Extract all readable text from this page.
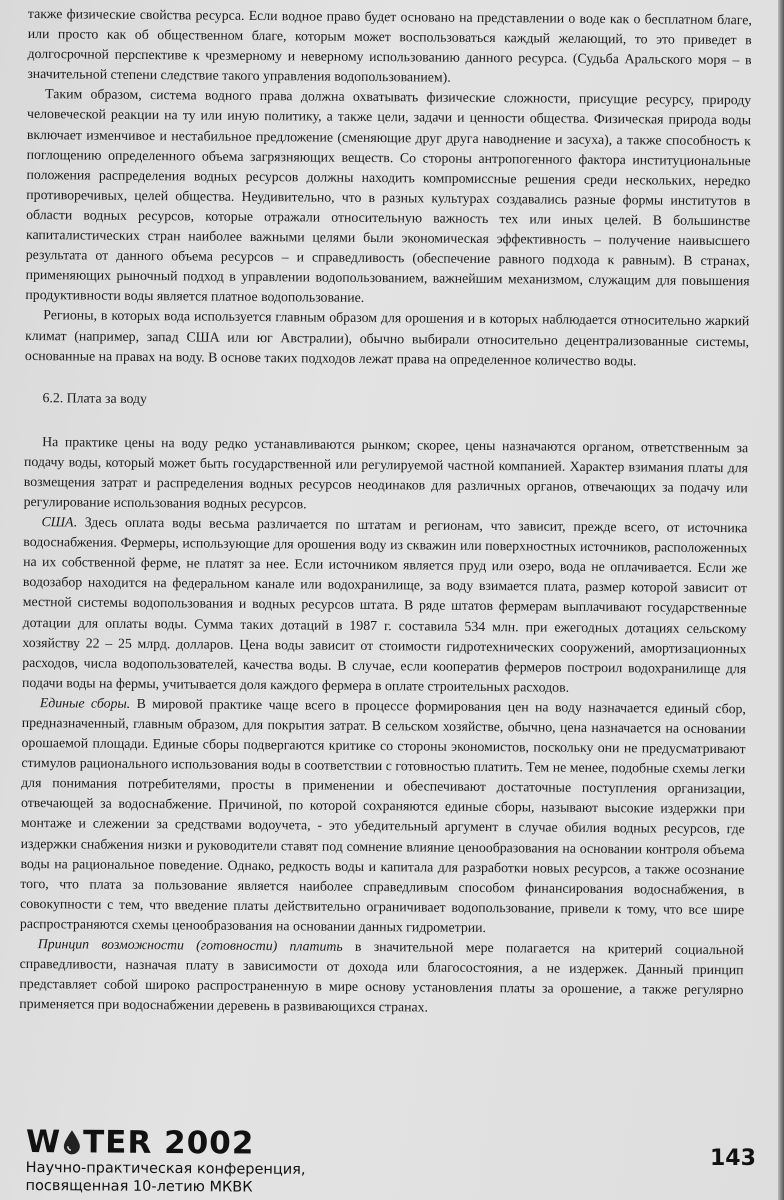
также физические свойства ресурса. Если водное право будет основано на представлении о воде как о бесплатном благе, или просто как об общественном благе, которым может воспользоваться каждый желающий, то это приведет в долгосрочной перспективе к чрезмерному и неверному использованию данного ресурса. (Судьба Аральского моря – в значительной степени следствие такого управления водопользованием).

Таким образом, система водного права должна охватывать физические сложности, присущие ресурсу, природу человеческой реакции на ту или иную политику, а также цели, задачи и ценности общества. Физическая природа воды включает изменчивое и нестабильное предложение (сменяющие друг друга наводнение и засуха), а также способность к поглощению определенного объема загрязняющих веществ. Со стороны антропогенного фактора институциональные положения распределения водных ресурсов должны находить компромиссные решения среди нескольких, нередко противоречивых, целей общества. Неудивительно, что в разных культурах создавались разные формы институтов в области водных ресурсов, которые отражали относительную важность тех или иных целей. В большинстве капиталистических стран наиболее важными целями были экономическая эффективность – получение наивысшего результата от данного объема ресурсов – и справедливость (обеспечение равного подхода к равным). В странах, применяющих рыночный подход в управлении водопользованием, важнейшим механизмом, служащим для повышения продуктивности воды является платное водопользование.

Регионы, в которых вода используется главным образом для орошения и в которых наблюдается относительно жаркий климат (например, запад США или юг Австралии), обычно выбирали относительно децентрализованные системы, основанные на правах на воду. В основе таких подходов лежат права на определенное количество воды.

6.2. Плата за воду

На практике цены на воду редко устанавливаются рынком; скорее, цены назначаются органом, ответственным за подачу воды, который может быть государственной или регулируемой частной компанией. Характер взимания платы для возмещения затрат и распределения водных ресурсов неодинаков для различных органов, отвечающих за подачу или регулирование использования водных ресурсов.

США. Здесь оплата воды весьма различается по штатам и регионам, что зависит, прежде всего, от источника водоснабжения. Фермеры, использующие для орошения воду из скважин или поверхностных источников, расположенных на их собственной ферме, не платят за нее. Если источником является пруд или озеро, вода не оплачивается. Если же водозабор находится на федеральном канале или водохранилище, за воду взимается плата, размер которой зависит от местной системы водопользования и водных ресурсов штата. В ряде штатов фермерам выплачивают государственные дотации для оплаты воды. Сумма таких дотаций в 1987 г. составила 534 млн. при ежегодных дотациях сельскому хозяйству 22 – 25 млрд. долларов. Цена воды зависит от стоимости гидротехнических сооружений, амортизационных расходов, числа водопользователей, качества воды. В случае, если кооператив фермеров построил водохранилище для подачи воды на фермы, учитывается доля каждого фермера в оплате строительных расходов.

Единые сборы. В мировой практике чаще всего в процессе формирования цен на воду назначается единый сбор, предназначенный, главным образом, для покрытия затрат. В сельском хозяйстве, обычно, цена назначается на основании орошаемой площади. Единые сборы подвергаются критике со стороны экономистов, поскольку они не предусматривают стимулов рационального использования воды в соответствии с готовностью платить. Тем не менее, подобные схемы легки для понимания потребителями, просты в применении и обеспечивают достаточные поступления организации, отвечающей за водоснабжение. Причиной, по которой сохраняются единые сборы, называют высокие издержки при монтаже и слежении за средствами водоучета, - это убедительный аргумент в случае обилия водных ресурсов, где издержки снабжения низки и руководители ставят под сомнение влияние ценообразования на основании контроля объема воды на рациональное поведение. Однако, редкость воды и капитала для разработки новых ресурсов, а также осознание того, что плата за пользование является наиболее справедливым способом финансирования водоснабжения, в совокупности с тем, что введение платы действительно ограничивает водопользование, привели к тому, что все шире распространяются схемы ценообразования на основании данных гидрометрии.

Принцип возможности (готовности) платить в значительной мере полагается на критерий социальной справедливости, назначая плату в зависимости от дохода или благосостояния, а не издержек. Данный принцип представляет собой широко распространенную в мире основу установления платы за орошение, а также регулярно применяется при водоснабжении деревень в развивающихся странах.

W TER 2002
Научно-практическая конференция,
посвященная 10-летию МКВК
143
